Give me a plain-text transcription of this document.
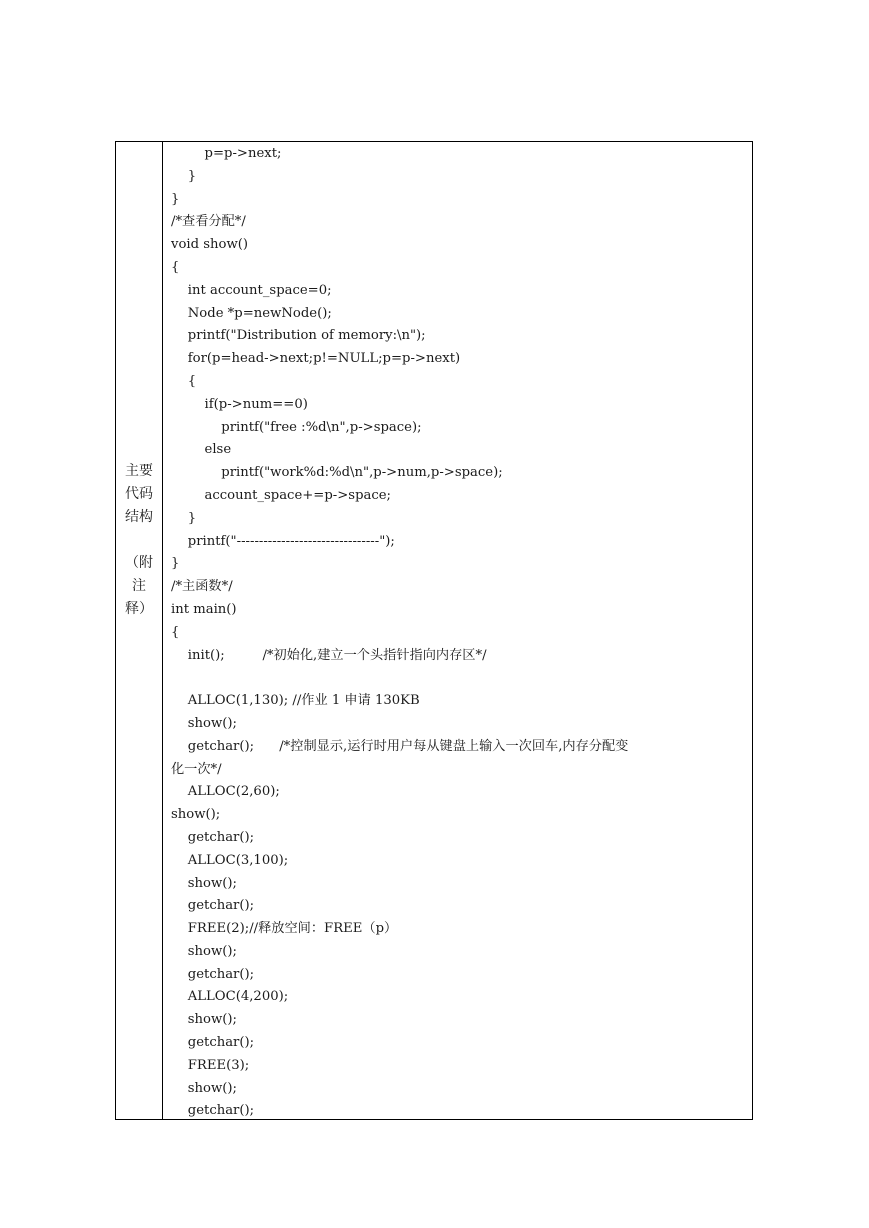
主要
代码
结构
（附
注
释）
p=p->next;
}
}
/*查看分配*/
void show()
{
int account_space=0;
Node *p=newNode();
printf("Distribution of memory:\n");
for(p=head->next;p!=NULL;p=p->next)
{
if(p->num==0)
printf("free :%d\n",p->space);
else
printf("work%d:%d\n",p->num,p->space);
account_space+=p->space;
}
printf("--------------------------------");
}
/*主函数*/
int main()
{
init();         /*初始化,建立一个头指针指向内存区*/
ALLOC(1,130); //作业 1 申请 130KB
show();
getchar();      /*控制显示,运行时用户每从键盘上输入一次回车,内存分配变
化一次*/
ALLOC(2,60);
show();
getchar();
ALLOC(3,100);
show();
getchar();
FREE(2);//释放空间：FREE（p）
show();
getchar();
ALLOC(4,200);
show();
getchar();
FREE(3);
show();
getchar();
